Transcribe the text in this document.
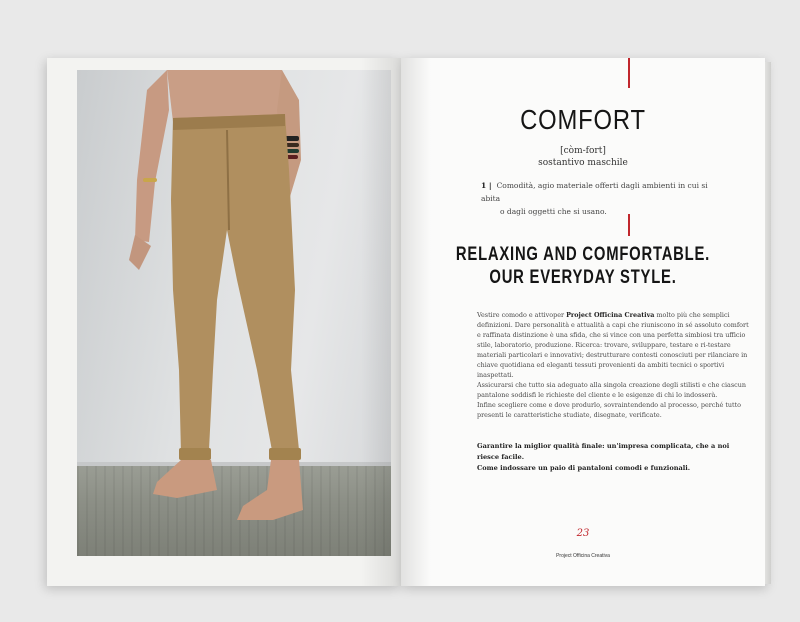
COMFORT
[còm-fort]
sostantivo maschile
1 | Comodità, agio materiale offerti dagli ambienti in cui si abita
o dagli oggetti che si usano.
RELAXING AND COMFORTABLE.
OUR EVERYDAY STYLE.

Vestire comodo e attivoper Project Officina Creativa molto più che semplici definizioni. Dare personalità e attualità a capi che riuniscono in sé assoluto comfort e raffinata distinzione è una sfida, che si vince con una perfetta simbiosi tra ufficio stile, laboratorio, produzione. Ricerca: trovare, sviluppare, testare e ri-testare materiali particolari e innovativi; destrutturare contesti conosciuti per rilanciare in chiave quotidiana ed eleganti tessuti provenienti da ambiti tecnici o sportivi inaspettati.

Assicurarsi che tutto sia adeguato alla singola creazione degli stilisti e che ciascun pantalone soddisfi le richieste del cliente e le esigenze di chi lo indosserà.

Infine scegliere come e dove produrlo, sovraintendendo al processo, perché tutto presenti le caratteristiche studiate, disegnate, verificate.

Garantire la miglior qualità finale: un'impresa complicata, che a noi riesce facile.
Come indossare un paio di pantaloni comodi e funzionali.
23
Project Officina Creativa
